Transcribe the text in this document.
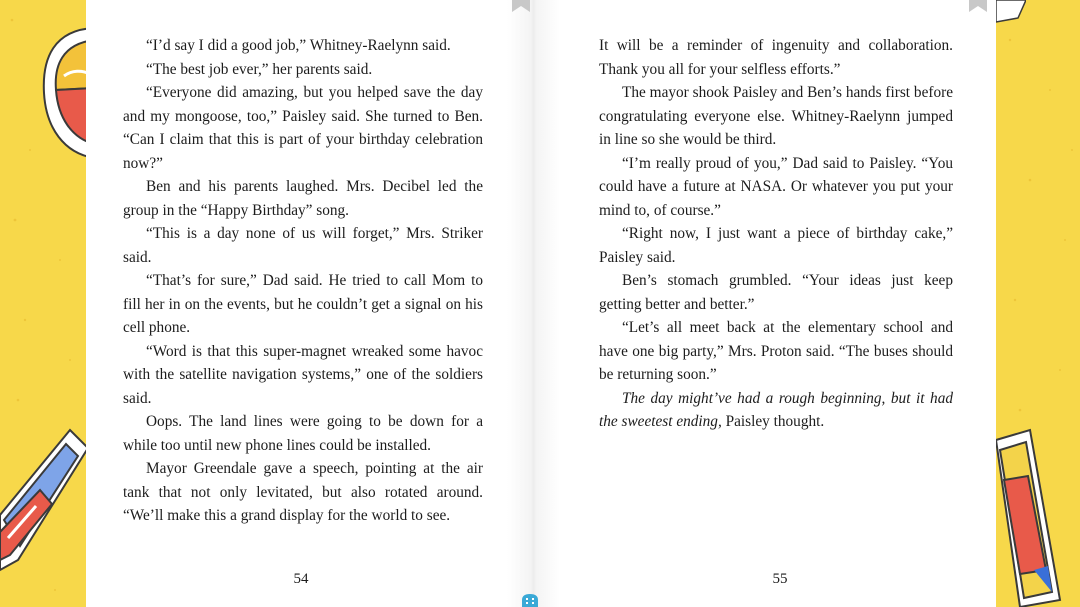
“I’d say I did a good job,” Whitney-Raelynn said.

“The best job ever,” her parents said.

“Everyone did amazing, but you helped save the day and my mongoose, too,” Paisley said. She turned to Ben. “Can I claim that this is part of your birthday celebration now?”

Ben and his parents laughed. Mrs. Decibel led the group in the “Happy Birthday” song.

“This is a day none of us will forget,” Mrs. Striker said.

“That’s for sure,” Dad said. He tried to call Mom to fill her in on the events, but he couldn’t get a signal on his cell phone.

“Word is that this super-magnet wreaked some havoc with the satellite navigation systems,” one of the soldiers said.

Oops. The land lines were going to be down for a while too until new phone lines could be installed.

Mayor Greendale gave a speech, pointing at the air tank that not only levitated, but also rotated around. “We’ll make this a grand display for the world to see.

54

It will be a reminder of ingenuity and collaboration. Thank you all for your selfless efforts.”

The mayor shook Paisley and Ben’s hands first before congratulating everyone else. Whitney-Raelynn jumped in line so she would be third.

“I’m really proud of you,” Dad said to Paisley. “You could have a future at NASA. Or whatever you put your mind to, of course.”

“Right now, I just want a piece of birthday cake,” Paisley said.

Ben’s stomach grumbled. “Your ideas just keep getting better and better.”

“Let’s all meet back at the elementary school and have one big party,” Mrs. Proton said. “The buses should be returning soon.”

The day might’ve had a rough beginning, but it had the sweetest ending, Paisley thought.

55
